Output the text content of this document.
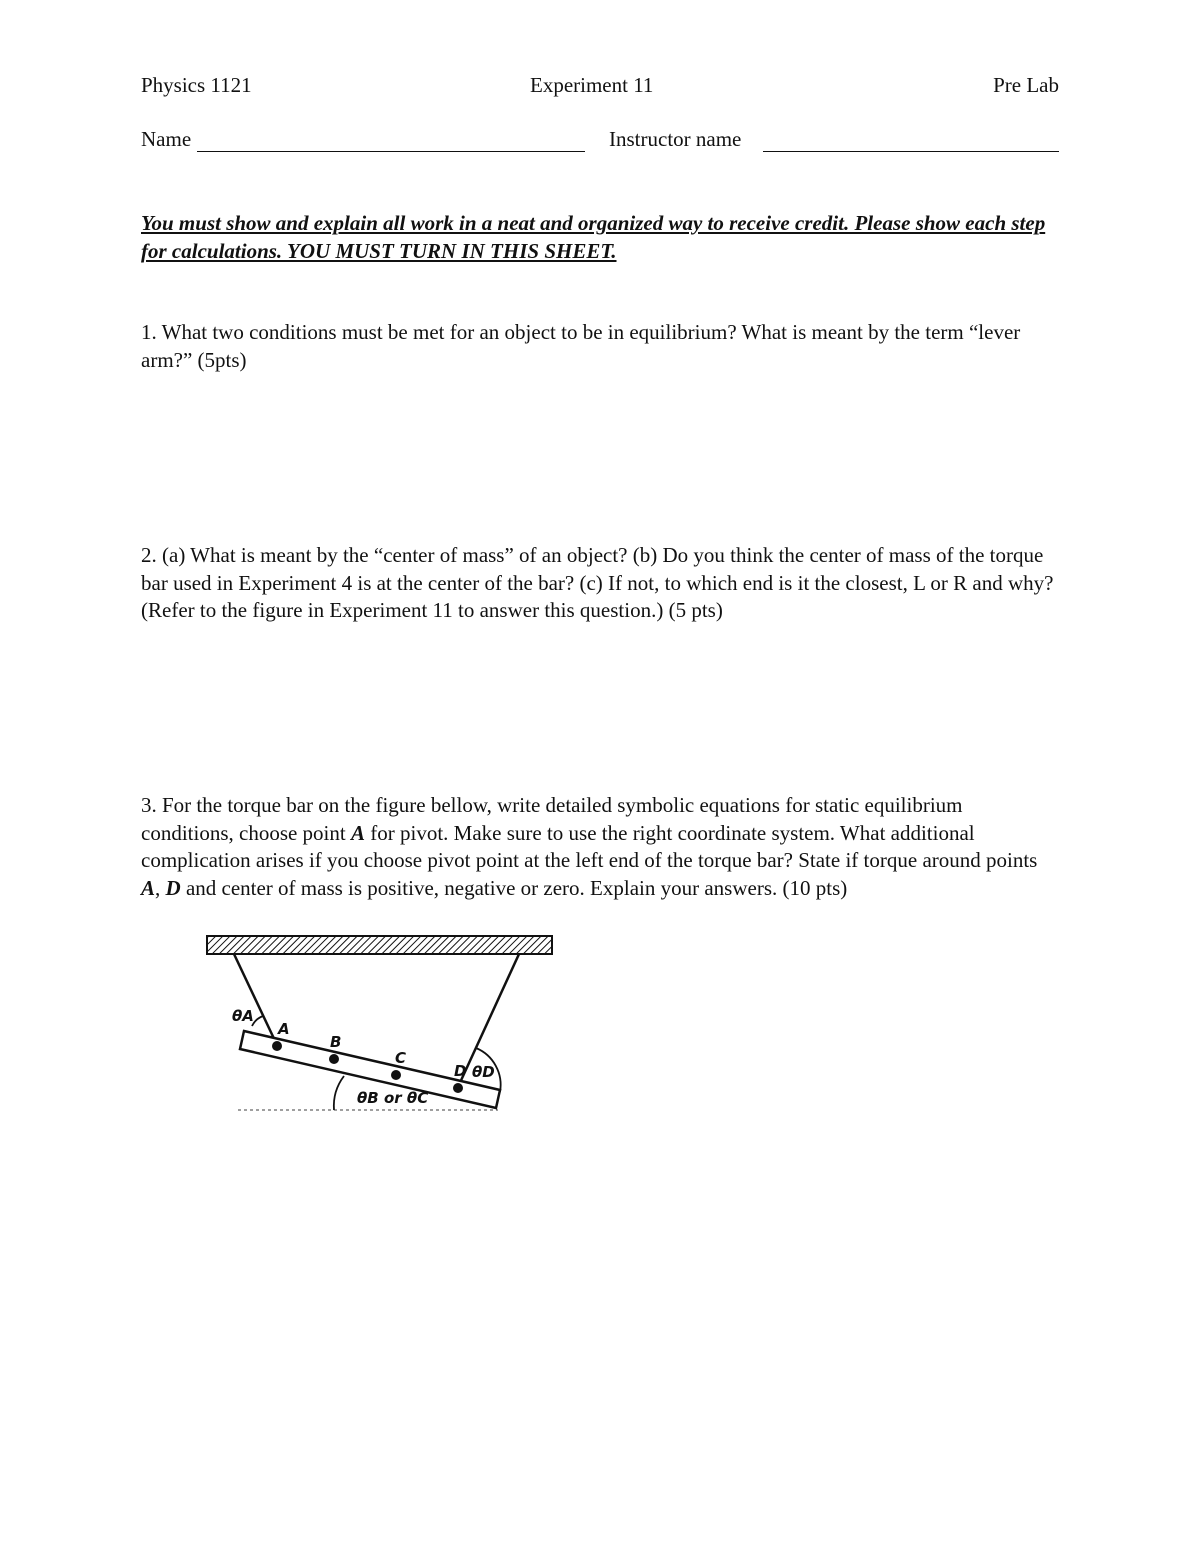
Physics 1121	Experiment 11	Pre Lab
Name	Instructor name
You must show and explain all work in a neat and organized way to receive credit. Please show each step for calculations. YOU MUST TURN IN THIS SHEET.
1. What two conditions must be met for an object to be in equilibrium? What is meant by the term “lever arm?” (5pts)
2. (a) What is meant by the “center of mass” of an object? (b) Do you think the center of mass of the torque bar used in Experiment 4 is at the center of the bar? (c) If not, to which end is it the closest, L or R and why? (Refer to the figure in Experiment 11 to answer this question.) (5 pts)
3. For the torque bar on the figure bellow, write detailed symbolic equations for static equilibrium conditions, choose point A for pivot. Make sure to use the right coordinate system. What additional complication arises if you choose pivot point at the left end of the torque bar? State if torque around points A, D and center of mass is positive, negative or zero. Explain your answers. (10 pts)
θA
A
B
C
D θD
θB or θC
